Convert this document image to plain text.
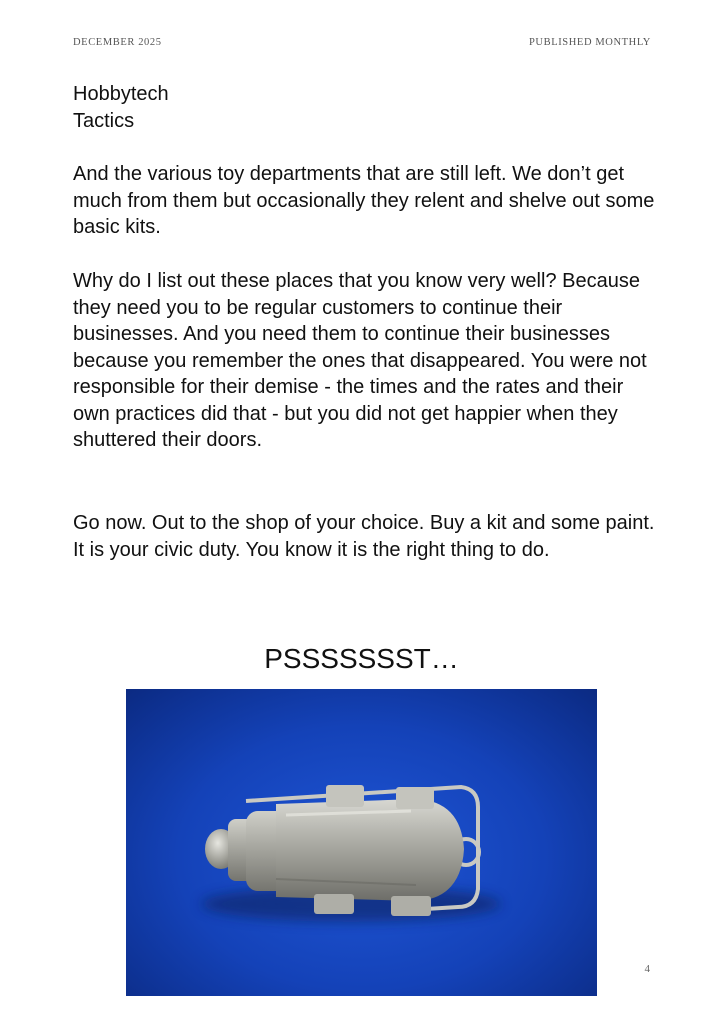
DECEMBER 2025	PUBLISHED MONTHLY
Hobbytech
Tactics

And the various toy departments that are still left. We don’t get much from them but occasionally they relent and shelve out some basic kits.

Why do I list out these places that you know very well? Because they need you to be regular customers to continue their businesses. And you need them to continue their businesses because you remember the ones that disappeared. You were not responsible for their demise - the times and the rates and their own practices did that - but you did not get happier when they shuttered their doors.

Go now. Out to the shop of your choice. Buy a kit and some paint. It is your civic duty. You know it is the right thing to do.

PSSSSSSST…
4
